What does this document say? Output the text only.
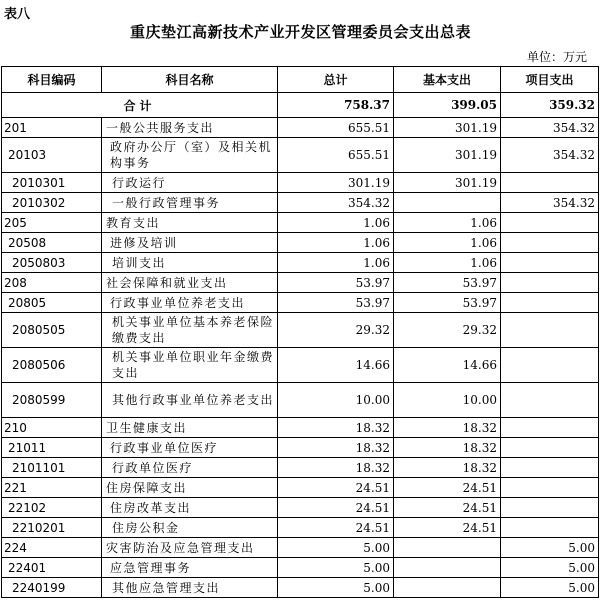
表八
重庆垫江高新技术产业开发区管理委员会支出总表
单位：万元
科目编码	科目名称	总计	基本支出	项目支出
合计		758.37	399.05	359.32
201	一般公共服务支出	655.51	301.19	354.32
20103	政府办公厅（室）及相关机构事务	655.51	301.19	354.32
2010301	行政运行	301.19	301.19	
2010302	一般行政管理事务	354.32		354.32
205	教育支出	1.06	1.06	
20508	进修及培训	1.06	1.06	
2050803	培训支出	1.06	1.06	
208	社会保障和就业支出	53.97	53.97	
20805	行政事业单位养老支出	53.97	53.97	
2080505	机关事业单位基本养老保险缴费支出	29.32	29.32	
2080506	机关事业单位职业年金缴费支出	14.66	14.66	
2080599	其他行政事业单位养老支出	10.00	10.00	
210	卫生健康支出	18.32	18.32	
21011	行政事业单位医疗	18.32	18.32	
2101101	行政单位医疗	18.32	18.32	
221	住房保障支出	24.51	24.51	
22102	住房改革支出	24.51	24.51	
2210201	住房公积金	24.51	24.51	
224	灾害防治及应急管理支出	5.00		5.00
22401	应急管理事务	5.00		5.00
2240199	其他应急管理支出	5.00		5.00
